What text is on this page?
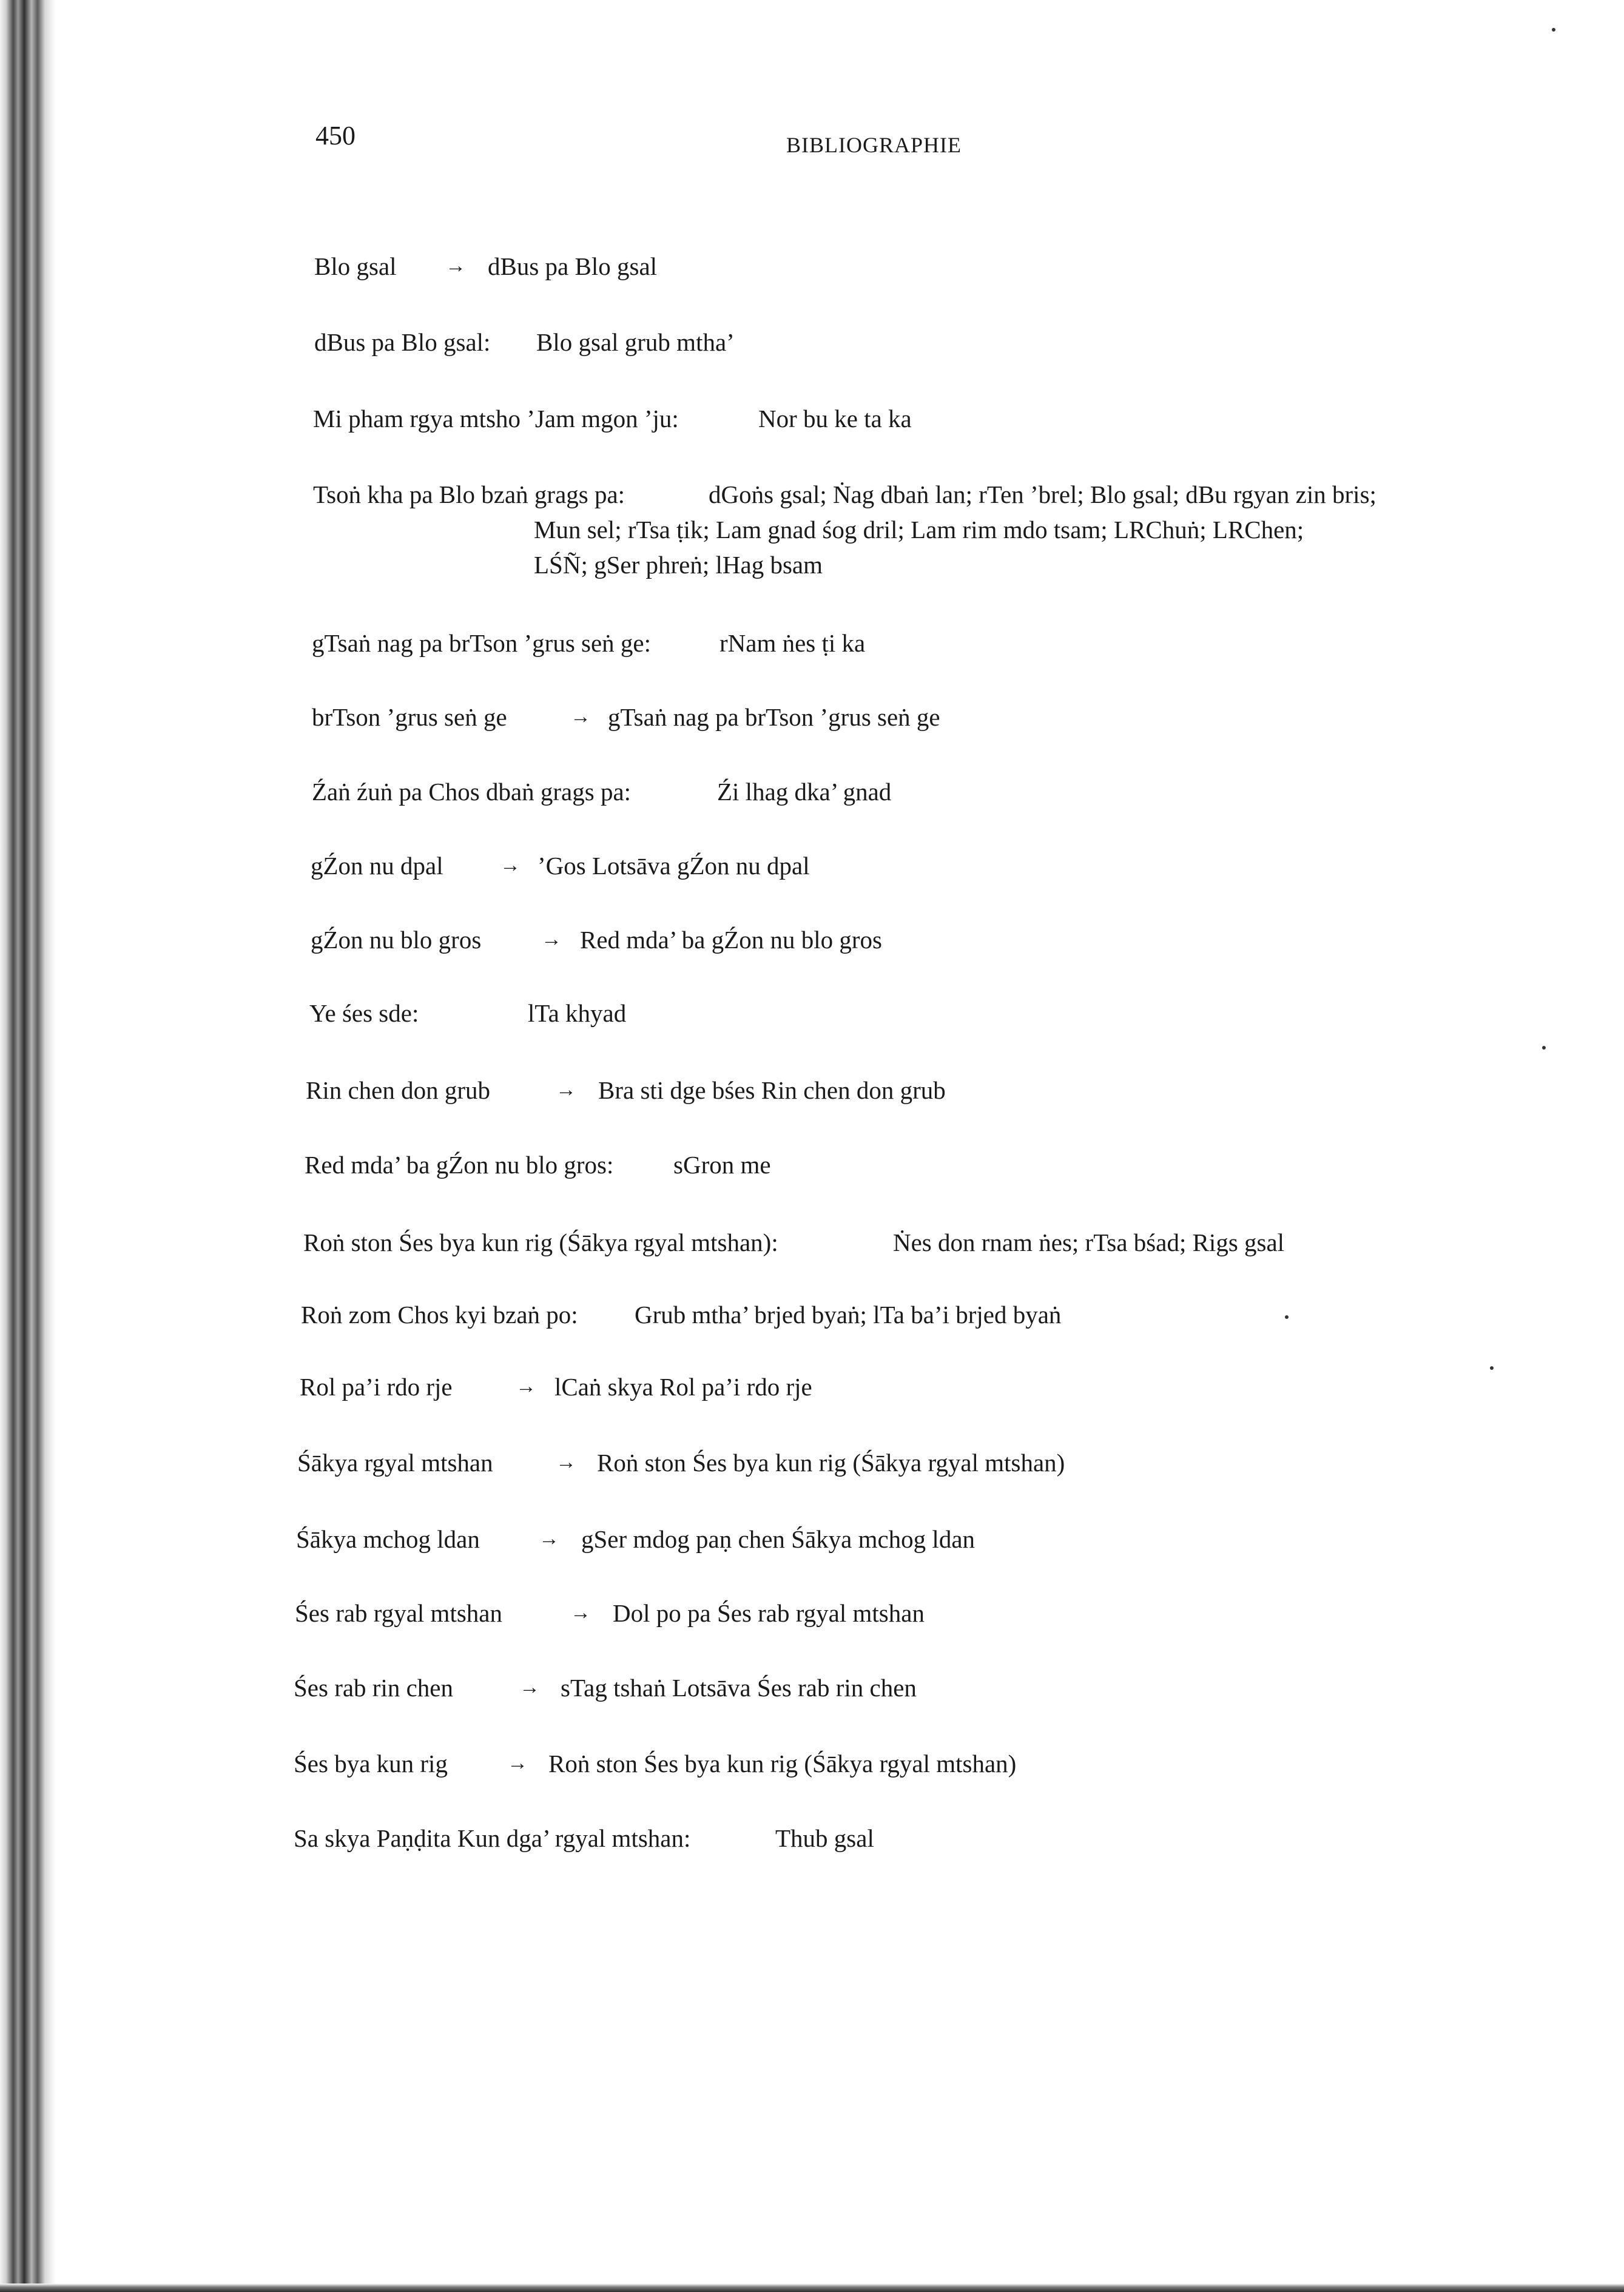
450	BIBLIOGRAPHIE
Blo gsal → dBus pa Blo gsal
dBus pa Blo gsal: Blo gsal grub mtha’
Mi pham rgya mtsho ’Jam mgon ’ju:	Nor bu ke ta ka
Tsoṅ kha pa Blo bzaṅ grags pa:	dGoṅs gsal; Ṅag dbaṅ lan; rTen ’brel; Blo gsal; dBu rgyan zin bris;
Mun sel; rTsa ṭik; Lam gnad śog dril; Lam rim mdo tsam; LRChuṅ; LRChen;
LŚÑ; gSer phreṅ; lHag bsam
gTsaṅ nag pa brTson ’grus seṅ ge:	rNam ṅes ṭi ka
brTson ’grus seṅ ge	→ gTsaṅ nag pa brTson ’grus seṅ ge
Źaṅ źuṅ pa Chos dbaṅ grags pa:	Źi lhag dka’ gnad
gŹon nu dpal	→ ’Gos Lotsāva gŹon nu dpal
gŹon nu blo gros	→ Red mda’ ba gŹon nu blo gros
Ye śes sde:	lTa khyad
Rin chen don grub	→ Bra sti dge bśes Rin chen don grub
Red mda’ ba gŹon nu blo gros: sGron me
Roṅ ston Śes bya kun rig (Śākya rgyal mtshan):	Ṅes don rnam ṅes; rTsa bśad; Rigs gsal
Roṅ zom Chos kyi bzaṅ po: Grub mtha’ brjed byaṅ; lTa ba’i brjed byaṅ
Rol pa’i rdo rje	→ lCaṅ skya Rol pa’i rdo rje
Śākya rgyal mtshan	→ Roṅ ston Śes bya kun rig (Śākya rgyal mtshan)
Śākya mchog ldan	→ gSer mdog paṇ chen Śākya mchog ldan
Śes rab rgyal mtshan	→ Dol po pa Śes rab rgyal mtshan
Śes rab rin chen	→ sTag tshaṅ Lotsāva Śes rab rin chen
Śes bya kun rig	→ Roṅ ston Śes bya kun rig (Śākya rgyal mtshan)
Sa skya Paṇḍita Kun dga’ rgyal mtshan:	Thub gsal
